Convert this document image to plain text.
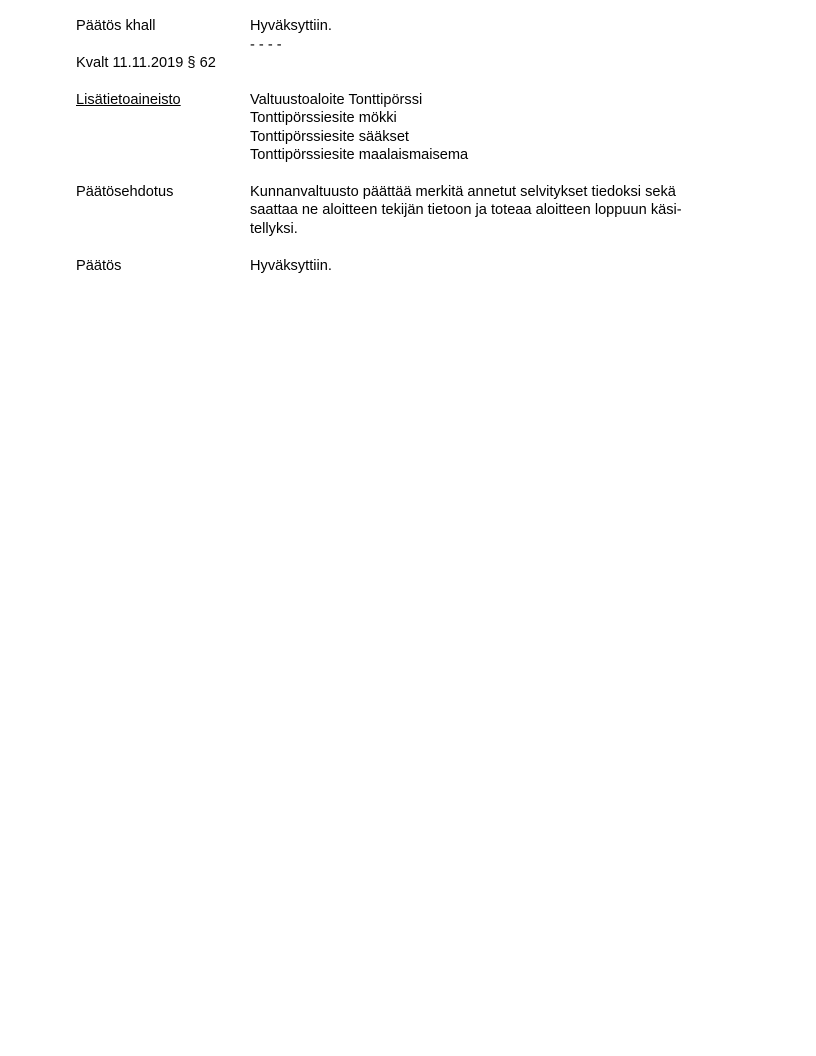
Päätös khall	Hyväksyttiin.
- - - -
Kvalt 11.11.2019 § 62
Lisätietoaineisto	Valtuustoaloite Tonttipörssi
Tonttipörssiesite mökki
Tonttipörssiesite sääkset
Tonttipörssiesite maalaismaisema
Päätösehdotus	Kunnanvaltuusto päättää merkitä annetut selvitykset tiedoksi sekä
saattaa ne aloitteen tekijän tietoon ja toteaa aloitteen loppuun käsi-
tellyksi.
Päätös	Hyväksyttiin.
